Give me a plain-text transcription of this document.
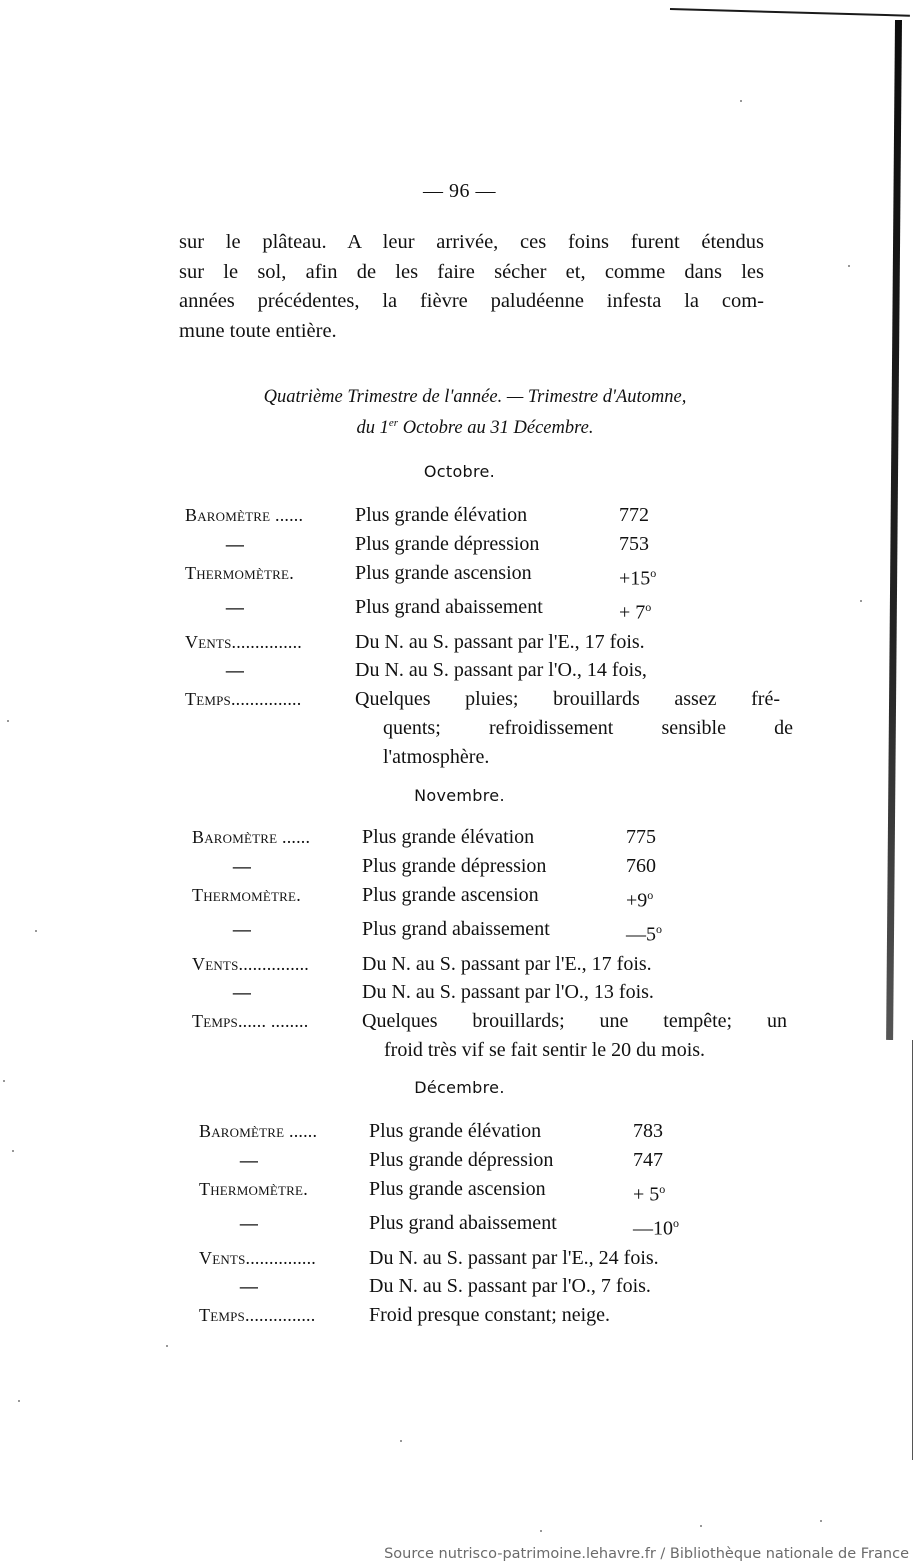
— 96 —
sur le plâteau. A leur arrivée, ces foins furent étendus
sur le sol, afin de les faire sécher et, comme dans les
années précédentes, la fièvre paludéenne infesta la com-
mune toute entière.
Quatrième Trimestre de l'année. — Trimestre d'Automne,
du 1er Octobre au 31 Décembre.
Octobre.
Baromètre ......	Plus grande élévation	772
—	Plus grande dépression	753
Thermomètre.	Plus grande ascension	$+15^o$
—	Plus grand abaissement	+ $7^o$
Vents...............	Du N. au S. passant par l'E., 17 fois.
—	Du N. au S. passant par l'O., 14 fois,
Temps...............	Quelques pluies; brouillards assez fré-
quents; refroidissement sensible de
l'atmosphère.
Novembre.
Baromètre ......	Plus grande élévation	775
—	Plus grande dépression	760
Thermomètre.	Plus grande ascension	$+9^o$
—	Plus grand abaissement	—5$^o$
Vents...............	Du N. au S. passant par l'E., 17 fois.
—	Du N. au S. passant par l'O., 13 fois.
Temps...... ........	Quelques brouillards; une tempête; un
froid très vif se fait sentir le 20 du mois.
Décembre.
Baromètre ......	Plus grande élévation	783
—	Plus grande dépression	747
Thermomètre.	Plus grande ascension	+ $5^o$
—	Plus grand abaissement	—10$^o$
Vents...............	Du N. au S. passant par l'E., 24 fois.
—	Du N. au S. passant par l'O., 7 fois.
Temps...............	Froid presque constant; neige.
Source nutrisco-patrimoine.lehavre.fr / Bibliothèque nationale de France
